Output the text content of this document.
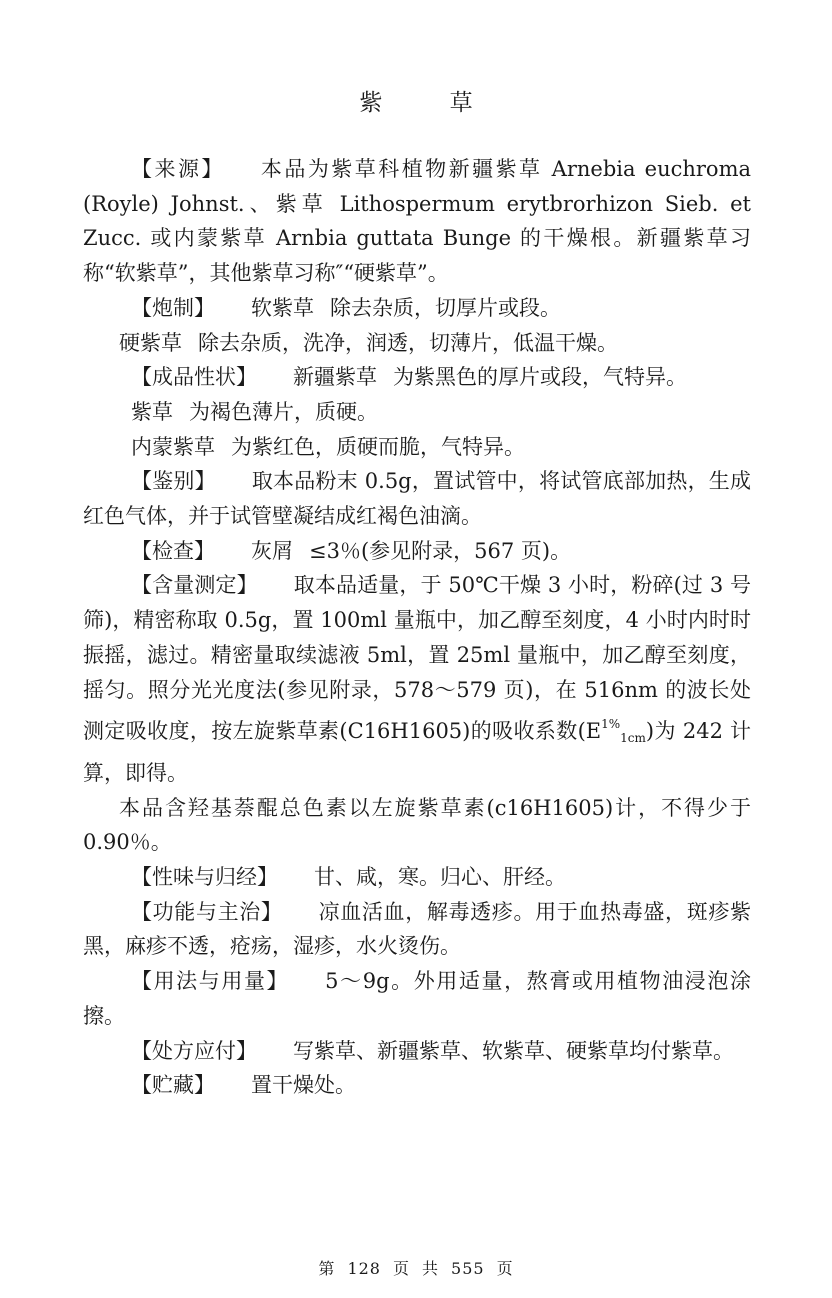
紫 草

【来源】 本品为紫草科植物新疆紫草 Arnebia euchroma (Royle) Johnst.、紫草 Lithospermum erytbrorhizon Sieb. et Zucc. 或内蒙紫草 Arnbia guttata Bunge 的干燥根。新疆紫草习称“软紫草”，其他紫草习称″“硬紫草”。

【炮制】 软紫草 除去杂质，切厚片或段。

硬紫草 除去杂质，洗净，润透，切薄片，低温干燥。

【成品性状】 新疆紫草 为紫黑色的厚片或段，气特异。

紫草 为褐色薄片，质硬。

内蒙紫草 为紫红色，质硬而脆，气特异。

【鉴别】 取本品粉末 0.5g，置试管中，将试管底部加热，生成红色气体，并于试管壁凝结成红褐色油滴。

【检查】 灰屑 ≤3％(参见附录，567 页)。

【含量测定】 取本品适量，于 50℃干燥 3 小时，粉碎(过 3 号筛)，精密称取 0.5g，置 100ml 量瓶中，加乙醇至刻度，4 小时内时时振摇，滤过。精密量取续滤液 5ml，置 25ml 量瓶中，加乙醇至刻度，摇匀。照分光光度法(参见附录，578～579 页)，在 516nm 的波长处测定吸收度，按左旋紫草素(C16H1605)的吸收系数$(E^{1\%}_{1cm})$为 242 计算，即得。

本品含羟基萘醌总色素以左旋紫草素(c16H1605)计，不得少于 0.90％。

【性味与归经】 甘、咸，寒。归心、肝经。

【功能与主治】 凉血活血，解毒透疹。用于血热毒盛，斑疹紫黑，麻疹不透，疮疡，湿疹，水火烫伤。

【用法与用量】 5～9g。外用适量，熬膏或用植物油浸泡涂擦。

【处方应付】 写紫草、新疆紫草、软紫草、硬紫草均付紫草。

【贮藏】 置干燥处。

第 128 页 共 555 页
